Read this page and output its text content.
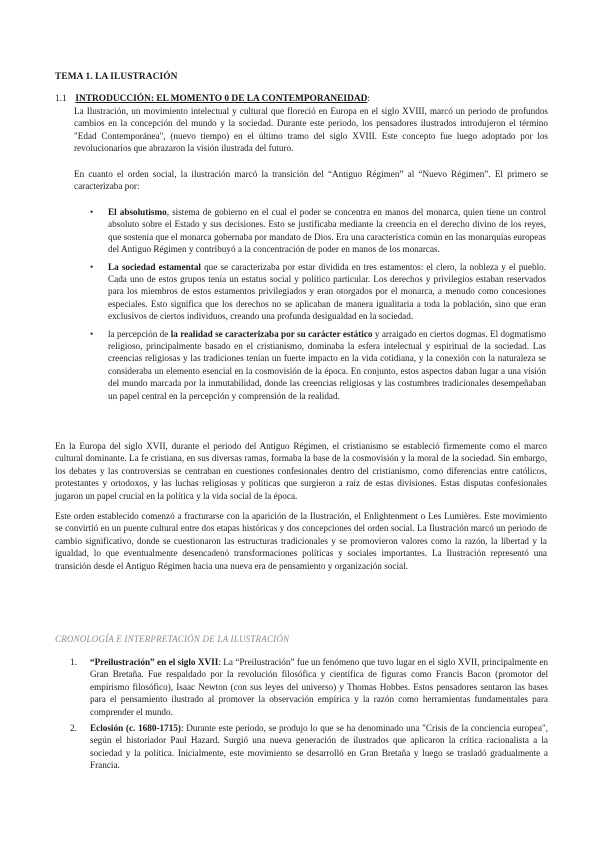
TEMA 1. LA ILUSTRACIÓN
1.1 INTRODUCCIÓN: EL MOMENTO 0 DE LA CONTEMPORANEIDAD:
La Ilustración, un movimiento intelectual y cultural que floreció en Europa en el siglo XVIII, marcó un periodo de profundos cambios en la concepción del mundo y la sociedad. Durante este periodo, los pensadores ilustrados introdujeron el término "Edad Contemporánea", (nuevo tiempo) en el último tramo del siglo XVIII. Este concepto fue luego adoptado por los revolucionarios que abrazaron la visión ilustrada del futuro.
En cuanto el orden social, la ilustración marcó la transición del “Antiguo Régimen” al “Nuevo Régimen”. El primero se caracterizaba por:
• El absolutismo, sistema de gobierno en el cual el poder se concentra en manos del monarca, quien tiene un control absoluto sobre el Estado y sus decisiones. Esto se justificaba mediante la creencia en el derecho divino de los reyes, que sostenía que el monarca gobernaba por mandato de Dios. Era una característica común en las monarquías europeas del Antiguo Régimen y contribuyó a la concentración de poder en manos de los monarcas.
• La sociedad estamental que se caracterizaba por estar dividida en tres estamentos: el clero, la nobleza y el pueblo. Cada uno de estos grupos tenía un estatus social y político particular. Los derechos y privilegios estaban reservados para los miembros de estos estamentos privilegiados y eran otorgados por el monarca, a menudo como concesiones especiales. Esto significa que los derechos no se aplicaban de manera igualitaria a toda la población, sino que eran exclusivos de ciertos individuos, creando una profunda desigualdad en la sociedad.
• la percepción de la realidad se caracterizaba por su carácter estático y arraigado en ciertos dogmas. El dogmatismo religioso, principalmente basado en el cristianismo, dominaba la esfera intelectual y espiritual de la sociedad. Las creencias religiosas y las tradiciones tenían un fuerte impacto en la vida cotidiana, y la conexión con la naturaleza se consideraba un elemento esencial en la cosmovisión de la época. En conjunto, estos aspectos daban lugar a una visión del mundo marcada por la inmutabilidad, donde las creencias religiosas y las costumbres tradicionales desempeñaban un papel central en la percepción y comprensión de la realidad.
En la Europa del siglo XVII, durante el periodo del Antiguo Régimen, el cristianismo se estableció firmemente como el marco cultural dominante. La fe cristiana, en sus diversas ramas, formaba la base de la cosmovisión y la moral de la sociedad. Sin embargo, los debates y las controversias se centraban en cuestiones confesionales dentro del cristianismo, como diferencias entre católicos, protestantes y ortodoxos, y las luchas religiosas y políticas que surgieron a raíz de estas divisiones. Estas disputas confesionales jugaron un papel crucial en la política y la vida social de la época.
Este orden establecido comenzó a fracturarse con la aparición de la Ilustración, el Enlightenment o Les Lumières. Este movimiento se convirtió en un puente cultural entre dos etapas históricas y dos concepciones del orden social. La Ilustración marcó un periodo de cambio significativo, donde se cuestionaron las estructuras tradicionales y se promovieron valores como la razón, la libertad y la igualdad, lo que eventualmente desencadenó transformaciones políticas y sociales importantes. La Ilustración representó una transición desde el Antiguo Régimen hacia una nueva era de pensamiento y organización social.
CRONOLOGÍA E INTERPRETACIÓN DE LA ILUSTRACIÓN
1. “Preilustración” en el siglo XVII: La “Preilustración” fue un fenómeno que tuvo lugar en el siglo XVII, principalmente en Gran Bretaña. Fue respaldado por la revolución filosófica y científica de figuras como Francis Bacon (promotor del empirismo filosófico), Isaac Newton (con sus leyes del universo) y Thomas Hobbes. Estos pensadores sentaron las bases para el pensamiento ilustrado al promover la observación empírica y la razón como herramientas fundamentales para comprender el mundo.
2. Eclosión (c. 1680-1715): Durante este periodo, se produjo lo que se ha denominado una "Crisis de la conciencia europea", según el historiador Paul Hazard. Surgió una nueva generación de ilustrados que aplicaron la crítica racionalista a la sociedad y la política. Inicialmente, este movimiento se desarrolló en Gran Bretaña y luego se trasladó gradualmente a Francia.
